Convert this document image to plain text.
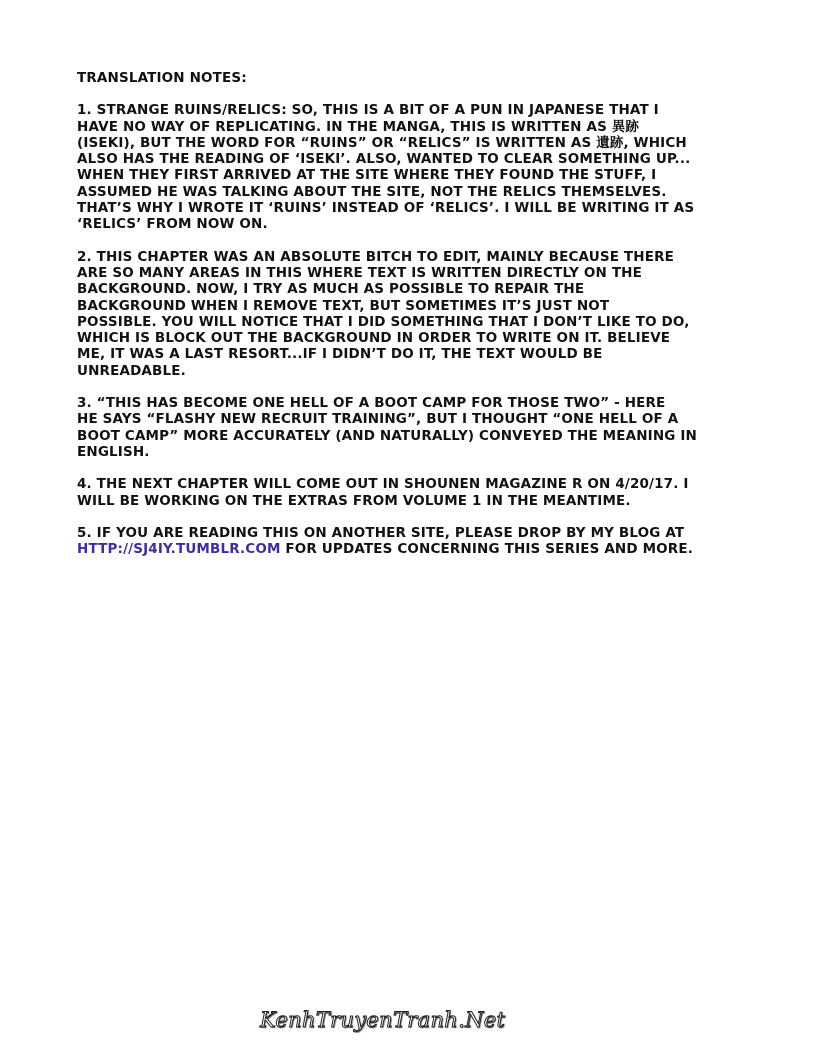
TRANSLATION NOTES:
1. STRANGE RUINS/RELICS: SO, THIS IS A BIT OF A PUN IN JAPANESE THAT I
HAVE NO WAY OF REPLICATING. IN THE MANGA, THIS IS WRITTEN AS 異跡
(ISEKI), BUT THE WORD FOR “RUINS” OR “RELICS” IS WRITTEN AS 遺跡, WHICH
ALSO HAS THE READING OF ‘ISEKI’. ALSO, WANTED TO CLEAR SOMETHING UP...
WHEN THEY FIRST ARRIVED AT THE SITE WHERE THEY FOUND THE STUFF, I
ASSUMED HE WAS TALKING ABOUT THE SITE, NOT THE RELICS THEMSELVES.
THAT’S WHY I WROTE IT ‘RUINS’ INSTEAD OF ‘RELICS’. I WILL BE WRITING IT AS
‘RELICS’ FROM NOW ON.
2. THIS CHAPTER WAS AN ABSOLUTE BITCH TO EDIT, MAINLY BECAUSE THERE
ARE SO MANY AREAS IN THIS WHERE TEXT IS WRITTEN DIRECTLY ON THE
BACKGROUND. NOW, I TRY AS MUCH AS POSSIBLE TO REPAIR THE
BACKGROUND WHEN I REMOVE TEXT, BUT SOMETIMES IT’S JUST NOT
POSSIBLE. YOU WILL NOTICE THAT I DID SOMETHING THAT I DON’T LIKE TO DO,
WHICH IS BLOCK OUT THE BACKGROUND IN ORDER TO WRITE ON IT. BELIEVE
ME, IT WAS A LAST RESORT...IF I DIDN’T DO IT, THE TEXT WOULD BE
UNREADABLE.
3. “THIS HAS BECOME ONE HELL OF A BOOT CAMP FOR THOSE TWO” - HERE
HE SAYS “FLASHY NEW RECRUIT TRAINING”, BUT I THOUGHT “ONE HELL OF A
BOOT CAMP” MORE ACCURATELY (AND NATURALLY) CONVEYED THE MEANING IN
ENGLISH.
4. THE NEXT CHAPTER WILL COME OUT IN SHOUNEN MAGAZINE R ON 4/20/17. I
WILL BE WORKING ON THE EXTRAS FROM VOLUME 1 IN THE MEANTIME.
5. IF YOU ARE READING THIS ON ANOTHER SITE, PLEASE DROP BY MY BLOG AT
HTTP://SJ4IY.TUMBLR.COM FOR UPDATES CONCERNING THIS SERIES AND MORE.
KenhTruyenTranh.Net
